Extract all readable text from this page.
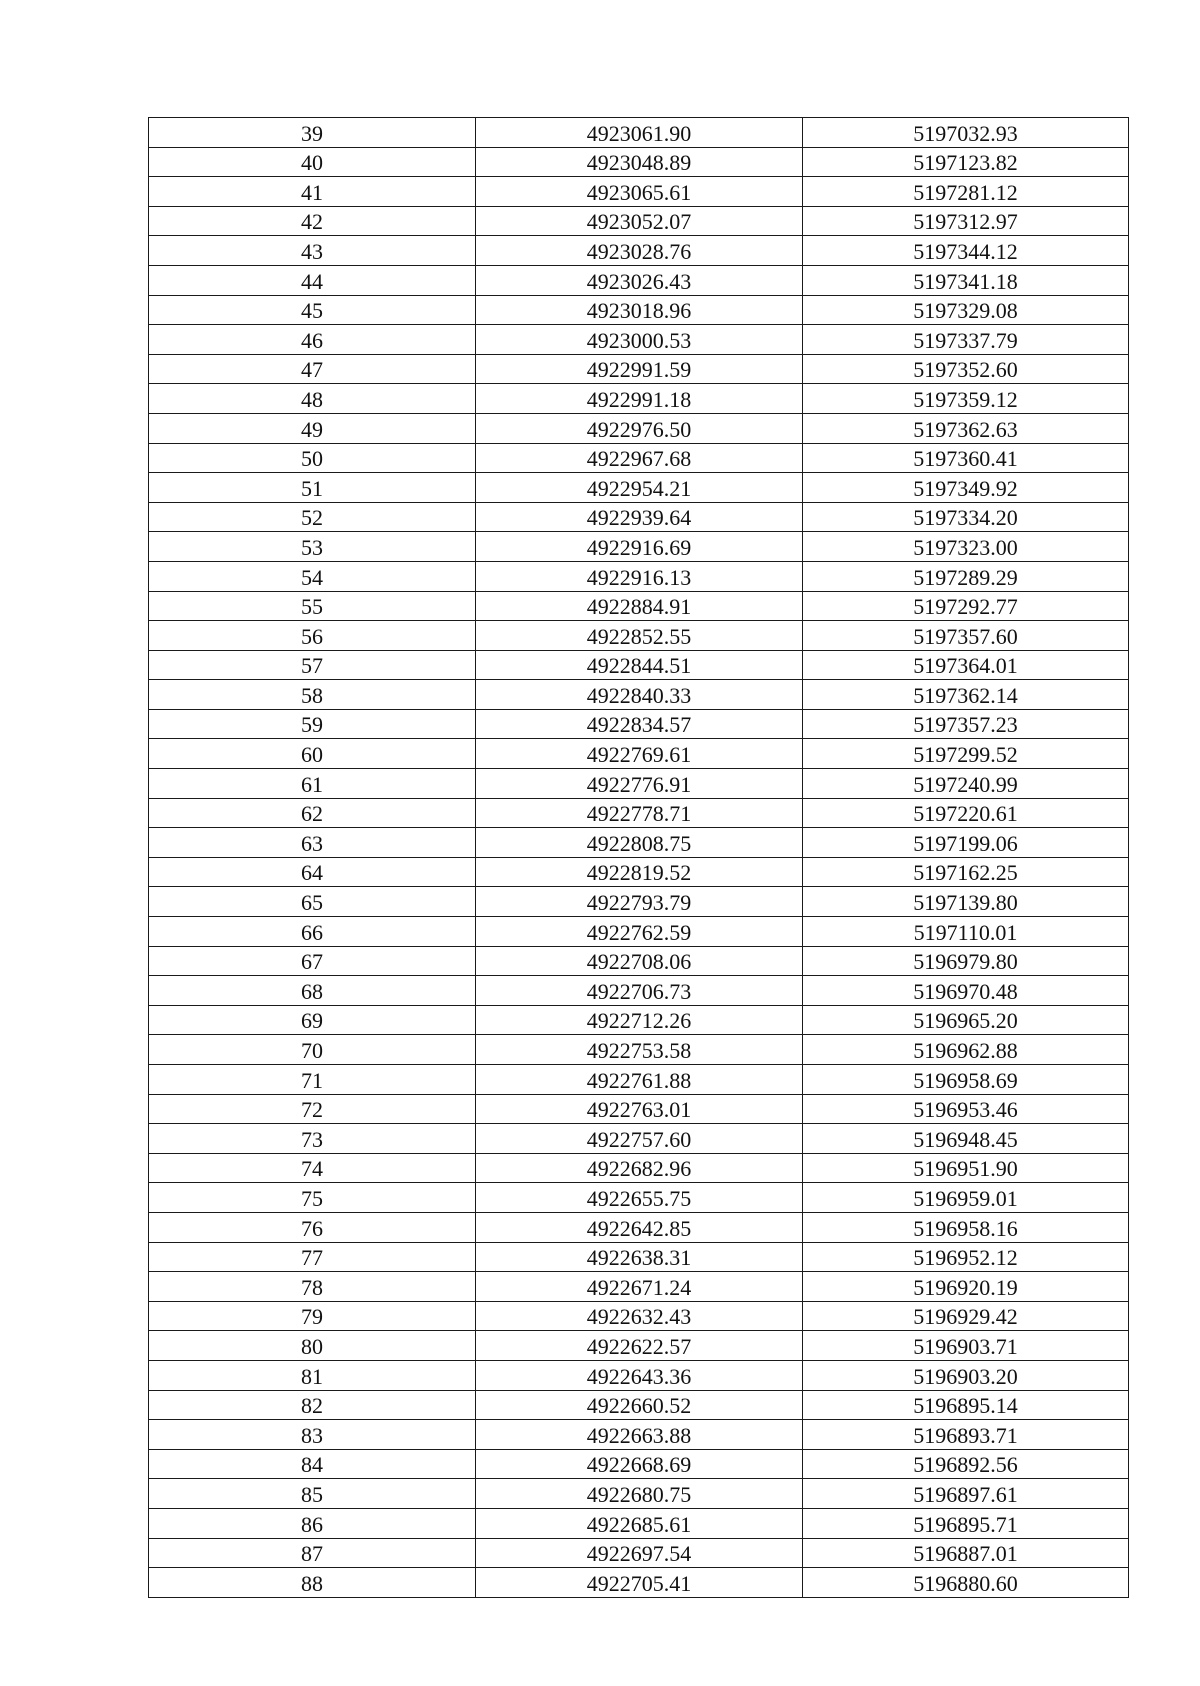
39	4923061.90	5197032.93
40	4923048.89	5197123.82
41	4923065.61	5197281.12
42	4923052.07	5197312.97
43	4923028.76	5197344.12
44	4923026.43	5197341.18
45	4923018.96	5197329.08
46	4923000.53	5197337.79
47	4922991.59	5197352.60
48	4922991.18	5197359.12
49	4922976.50	5197362.63
50	4922967.68	5197360.41
51	4922954.21	5197349.92
52	4922939.64	5197334.20
53	4922916.69	5197323.00
54	4922916.13	5197289.29
55	4922884.91	5197292.77
56	4922852.55	5197357.60
57	4922844.51	5197364.01
58	4922840.33	5197362.14
59	4922834.57	5197357.23
60	4922769.61	5197299.52
61	4922776.91	5197240.99
62	4922778.71	5197220.61
63	4922808.75	5197199.06
64	4922819.52	5197162.25
65	4922793.79	5197139.80
66	4922762.59	5197110.01
67	4922708.06	5196979.80
68	4922706.73	5196970.48
69	4922712.26	5196965.20
70	4922753.58	5196962.88
71	4922761.88	5196958.69
72	4922763.01	5196953.46
73	4922757.60	5196948.45
74	4922682.96	5196951.90
75	4922655.75	5196959.01
76	4922642.85	5196958.16
77	4922638.31	5196952.12
78	4922671.24	5196920.19
79	4922632.43	5196929.42
80	4922622.57	5196903.71
81	4922643.36	5196903.20
82	4922660.52	5196895.14
83	4922663.88	5196893.71
84	4922668.69	5196892.56
85	4922680.75	5196897.61
86	4922685.61	5196895.71
87	4922697.54	5196887.01
88	4922705.41	5196880.60
